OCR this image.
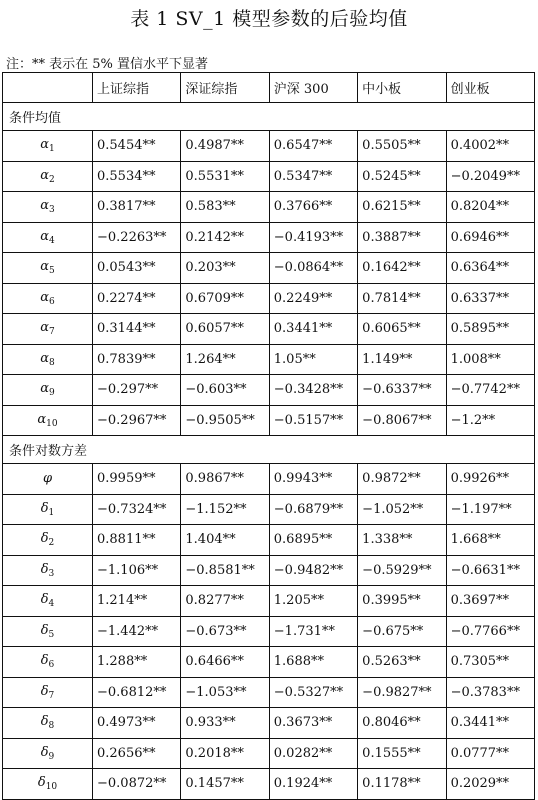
表 1 SV_1 模型参数的后验均值
注：** 表示在 5% 置信水平下显著
	上证综指	深证综指	沪深 300	中小板	创业板
条件均值					
$\alpha_1$	0.5454**	0.4987**	0.6547**	0.5505**	0.4002**
$\alpha_2$	0.5534**	0.5531**	0.5347**	0.5245**	−0.2049**
$\alpha_3$	0.3817**	0.583**	0.3766**	0.6215**	0.8204**
$\alpha_4$	−0.2263**	0.2142**	−0.4193**	0.3887**	0.6946**
$\alpha_5$	0.0543**	0.203**	−0.0864**	0.1642**	0.6364**
$\alpha_6$	0.2274**	0.6709**	0.2249**	0.7814**	0.6337**
$\alpha_7$	0.3144**	0.6057**	0.3441**	0.6065**	0.5895**
$\alpha_8$	0.7839**	1.264**	1.05**	1.149**	1.008**
$\alpha_9$	−0.297**	−0.603**	−0.3428**	−0.6337**	−0.7742**
$\alpha_{10}$	−0.2967**	−0.9505**	−0.5157**	−0.8067**	−1.2**
条件对数方差					
φ	0.9959**	0.9867**	0.9943**	0.9872**	0.9926**
$\delta_1$	−0.7324**	−1.152**	−0.6879**	−1.052**	−1.197**
$\delta_2$	0.8811**	1.404**	0.6895**	1.338**	1.668**
$\delta_3$	−1.106**	−0.8581**	−0.9482**	−0.5929**	−0.6631**
$\delta_4$	1.214**	0.8277**	1.205**	0.3995**	0.3697**
$\delta_5$	−1.442**	−0.673**	−1.731**	−0.675**	−0.7766**
$\delta_6$	1.288**	0.6466**	1.688**	0.5263**	0.7305**
$\delta_7$	−0.6812**	−1.053**	−0.5327**	−0.9827**	−0.3783**
$\delta_8$	0.4973**	0.933**	0.3673**	0.8046**	0.3441**
$\delta_9$	0.2656**	0.2018**	0.0282**	0.1555**	0.0777**
$\delta_{10}$	−0.0872**	0.1457**	0.1924**	0.1178**	0.2029**
